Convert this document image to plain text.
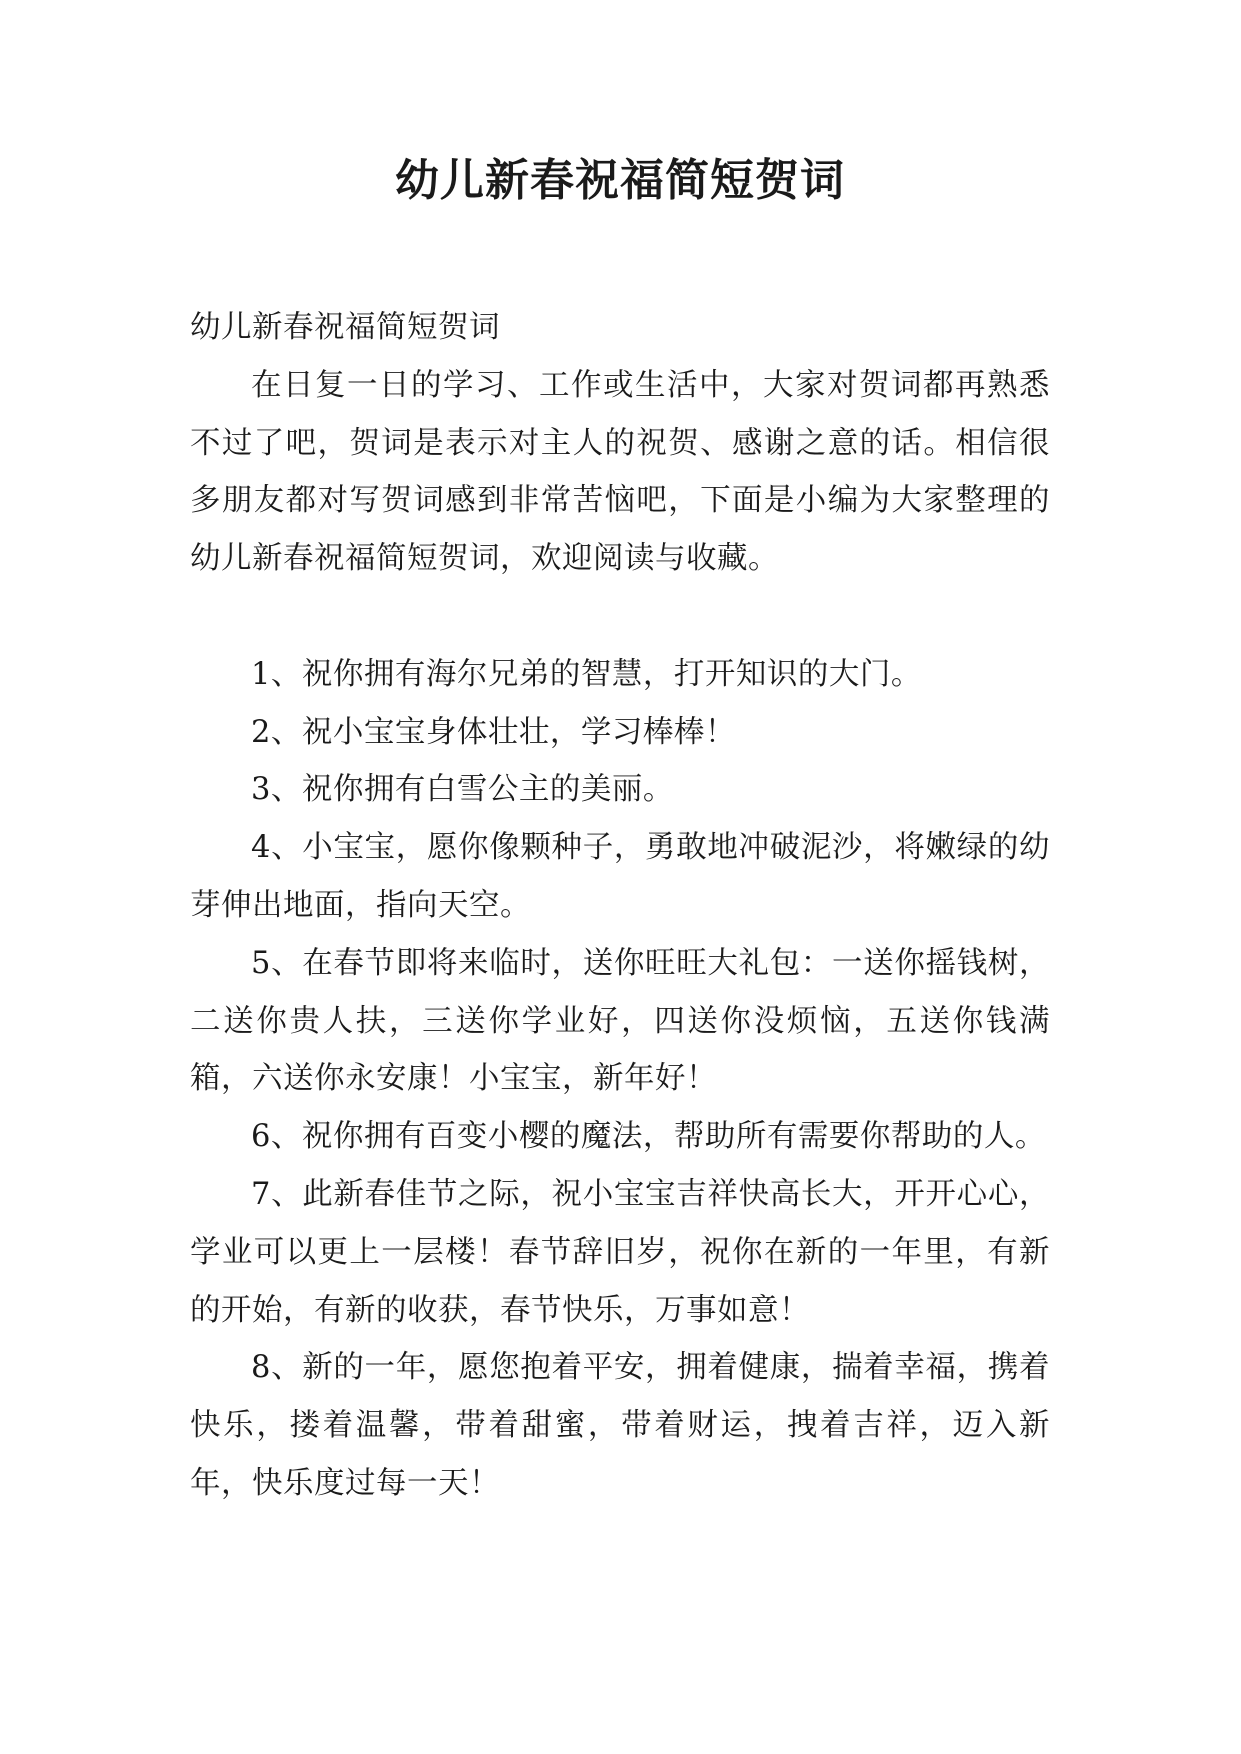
幼儿新春祝福简短贺词

幼儿新春祝福简短贺词

在日复一日的学习、工作或生活中，大家对贺词都再熟悉不过了吧，贺词是表示对主人的祝贺、感谢之意的话。相信很多朋友都对写贺词感到非常苦恼吧，下面是小编为大家整理的幼儿新春祝福简短贺词，欢迎阅读与收藏。

1、祝你拥有海尔兄弟的智慧，打开知识的大门。

2、祝小宝宝身体壮壮，学习棒棒！

3、祝你拥有白雪公主的美丽。

4、小宝宝，愿你像颗种子，勇敢地冲破泥沙，将嫩绿的幼芽伸出地面，指向天空。

5、在春节即将来临时，送你旺旺大礼包：一送你摇钱树，二送你贵人扶，三送你学业好，四送你没烦恼，五送你钱满箱，六送你永安康！小宝宝，新年好！

6、祝你拥有百变小樱的魔法，帮助所有需要你帮助的人。

7、此新春佳节之际，祝小宝宝吉祥快高长大，开开心心，学业可以更上一层楼！春节辞旧岁，祝你在新的一年里，有新的开始，有新的收获，春节快乐，万事如意！

8、新的一年，愿您抱着平安，拥着健康，揣着幸福，携着快乐，搂着温馨，带着甜蜜，带着财运，拽着吉祥，迈入新年，快乐度过每一天！
